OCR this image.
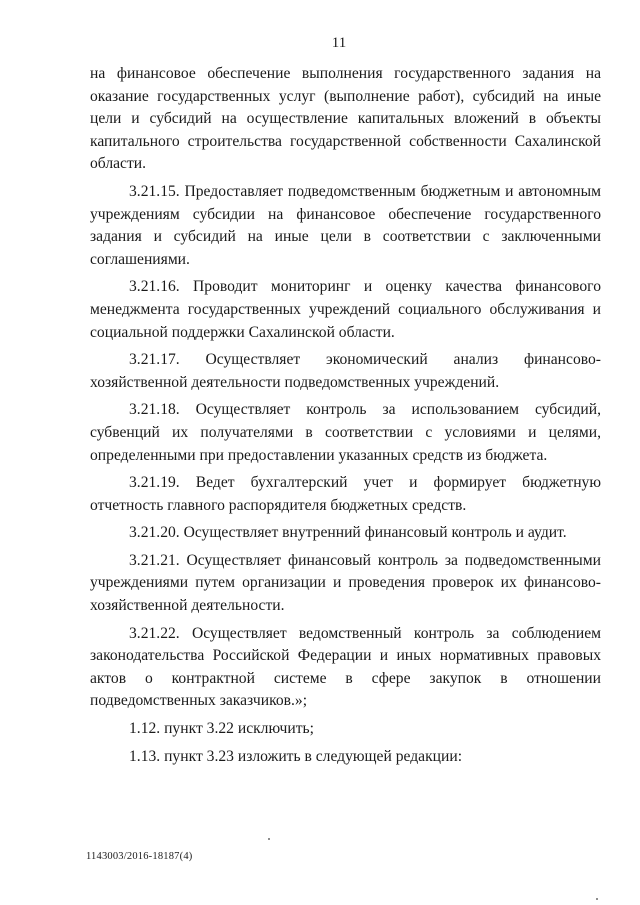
11

на финансовое обеспечение выполнения государственного задания на оказание государственных услуг (выполнение работ), субсидий на иные цели и субсидий на осуществление капитальных вложений в объекты капитального строительства государственной собственности Сахалинской области.

3.21.15. Предоставляет подведомственным бюджетным и автономным учреждениям субсидии на финансовое обеспечение государственного задания и субсидий на иные цели в соответствии с заключенными соглашениями.

3.21.16. Проводит мониторинг и оценку качества финансового менеджмента государственных учреждений социального обслуживания и социальной поддержки Сахалинской области.

3.21.17. Осуществляет экономический анализ финансово-хозяйственной деятельности подведомственных учреждений.

3.21.18. Осуществляет контроль за использованием субсидий, субвенций их получателями в соответствии с условиями и целями, определенными при предоставлении указанных средств из бюджета.

3.21.19. Ведет бухгалтерский учет и формирует бюджетную отчетность главного распорядителя бюджетных средств.

3.21.20. Осуществляет внутренний финансовый контроль и аудит.

3.21.21. Осуществляет финансовый контроль за подведомственными учреждениями путем организации и проведения проверок их финансово-хозяйственной деятельности.

3.21.22. Осуществляет ведомственный контроль за соблюдением законодательства Российской Федерации и иных нормативных правовых актов о контрактной системе в сфере закупок в отношении подведомственных заказчиков.»;

1.12. пункт 3.22 исключить;

1.13. пункт 3.23 изложить в следующей редакции:

1143003/2016-18187(4)
